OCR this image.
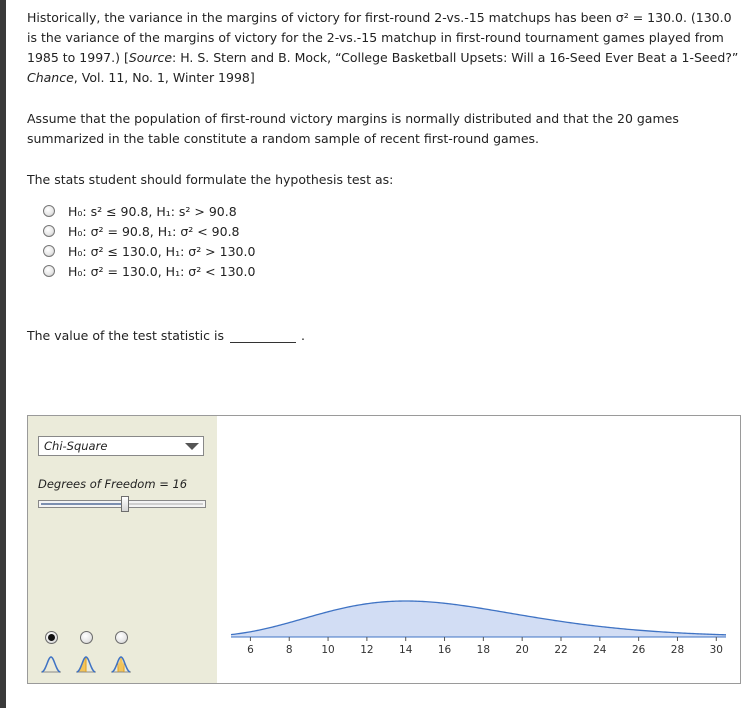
Historically, the variance in the margins of victory for first-round 2-vs.-15 matchups has been σ² = 130.0. (130.0 is the variance of the margins of victory for the 2-vs.-15 matchup in first-round tournament games played from 1985 to 1997.) [Source: H. S. Stern and B. Mock, “College Basketball Upsets: Will a 16-Seed Ever Beat a 1-Seed?” Chance, Vol. 11, No. 1, Winter 1998]

Assume that the population of first-round victory margins is normally distributed and that the 20 games summarized in the table constitute a random sample of recent first-round games.

The stats student should formulate the hypothesis test as:

H₀: s² ≤ 90.8, H₁: s² > 90.8
H₀: σ² = 90.8, H₁: σ² < 90.8
H₀: σ² ≤ 130.0, H₁: σ² > 130.0
H₀: σ² = 130.0, H₁: σ² < 130.0
The value of the test statistic is	.
Chi-Square
Degrees of Freedom = 16
6	8	10 12 14 16 18 20 22 24 26 28 30
